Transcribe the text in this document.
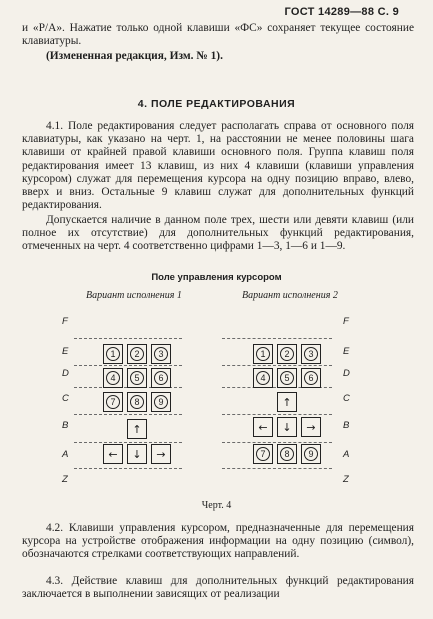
ГОСТ 14289—88 С. 9
и «Р/А». Нажатие только одной клавиши «ФС» сохраняет текущее состояние клавиатуры.
(Измененная редакция, Изм. № 1).
4. ПОЛЕ РЕДАКТИРОВАНИЯ
4.1. Поле редактирования следует располагать справа от основного поля клавиатуры, как указано на черт. 1, на расстоянии не менее половины шага клавиши от крайней правой клавиши основного поля. Группа клавиш поля редактирования имеет 13 клавиш, из них 4 клавиши (клавиши управления курсором) служат для перемещения курсора на одну позицию вправо, влево, вверх и вниз. Остальные 9 клавиш служат для дополнительных функций редактирования.
Допускается наличие в данном поле трех, шести или девяти клавиш (или полное их отсутствие) для дополнительных функций редактирования, отмеченных на черт. 4 соответственно цифрами 1—3, 1—6 и 1—9.
Поле управления курсором
Вариант исполнения 1	Вариант исполнения 2
F
E
D
C
B
A
Z
F
E
D
C
B
A
Z
1	2	3
4	5	6
7	8	9
↑
← ↓ →
1	2	3
4	5	6
↑
← ↓ →
7	8	9
Черт. 4
4.2. Клавиши управления курсором, предназначенные для перемещения курсора на устройстве отображения информации на одну позицию (символ), обозначаются стрелками соответствующих направлений.
4.3. Действие клавиш для дополнительных функций редактирования заключается в выполнении зависящих от реализации
